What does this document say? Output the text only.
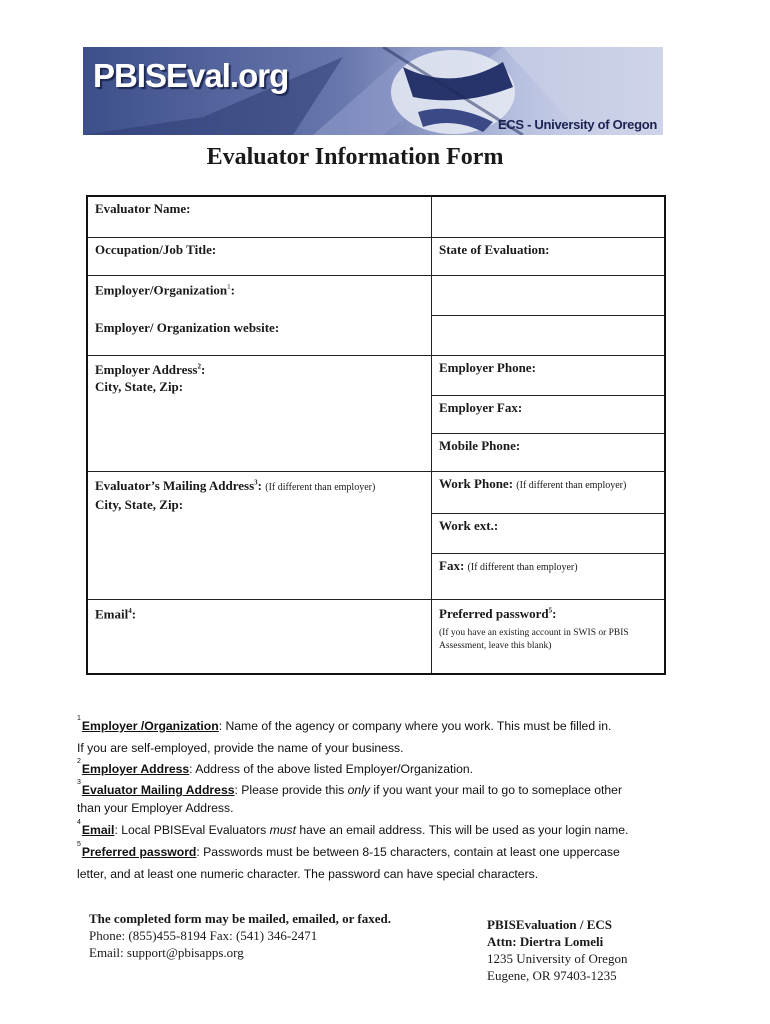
PBISEval.org
ECS - University of Oregon
Evaluator Information Form
Evaluator Name:
Occupation/Job Title:	State of Evaluation:
Employer/Organization$^1$:
Employer/ Organization website:
Employer Address$^2$:
City, State, Zip:
Employer Phone:
Employer Fax:
Mobile Phone:
Evaluator’s Mailing Address$^3$: (If different than employer)
City, State, Zip:
Work Phone: (If different than employer)
Work ext.:
Fax: (If different than employer)
Email$^4$:	Preferred password$^5$:
(If you have an existing account in SWIS or PBIS Assessment, leave this blank)
$^1$Employer /Organization: Name of the agency or company where you work. This must be filled in.
If you are self-employed, provide the name of your business.
$^2$Employer Address: Address of the above listed Employer/Organization.
$^3$Evaluator Mailing Address: Please provide this only if you want your mail to go to someplace other
than your Employer Address.
$^4$Email: Local PBISEval Evaluators must have an email address. This will be used as your login name.
$^5$Preferred password: Passwords must be between 8-15 characters, contain at least one uppercase
letter, and at least one numeric character. The password can have special characters.
The completed form may be mailed, emailed, or faxed.
Phone: (855)455-8194 Fax: (541) 346-2471
Email: support@pbisapps.org
PBISEvaluation / ECS
Attn: Diertra Lomeli
1235 University of Oregon
Eugene, OR 97403-1235
